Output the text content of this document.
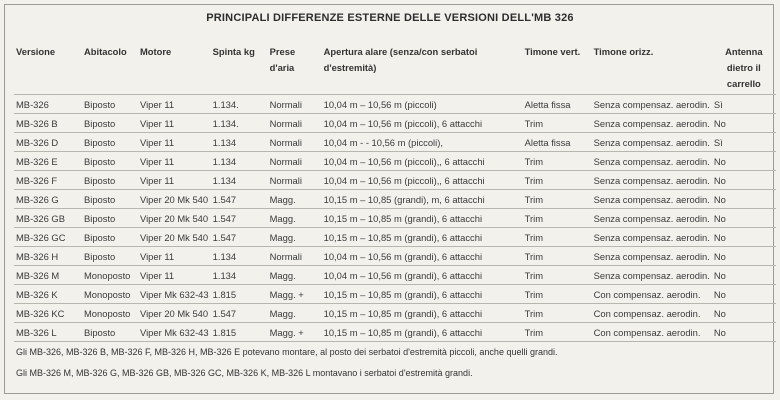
PRINCIPALI DIFFERENZE ESTERNE DELLE VERSIONI DELL'MB 326
Versione	Abitacolo	Motore	Spinta kg	Prese d'aria	Apertura alare (senza/con serbatoi d'estremità)	Timone vert.	Timone orizz.	Antenna dietro il carrello
MB-326	Biposto	Viper 11	1.134.	Normali	10,04 m – 10,56 m (piccoli)	Aletta fissa	Senza compensaz. aerodin.	Sì
MB-326 B	Biposto	Viper 11	1.134.	Normali	10,04 m – 10,56 m (piccoli), 6 attacchi	Trim	Senza compensaz. aerodin.	No
MB-326 D	Biposto	Viper 11	1.134	Normali	10,04 m - - 10,56 m (piccoli),	Aletta fissa	Senza compensaz. aerodin.	Sì
MB-326 E	Biposto	Viper 11	1.134	Normali	10,04 m – 10,56 m (piccoli),, 6 attacchi	Trim	Senza compensaz. aerodin.	No
MB-326 F	Biposto	Viper 11	1.134	Normali	10,04 m – 10,56 m (piccoli),, 6 attacchi	Trim	Senza compensaz. aerodin.	No
MB-326 G	Biposto	Viper 20 Mk 540	1.547	Magg.	10,15 m – 10,85 (grandi), m, 6 attacchi	Trim	Senza compensaz. aerodin.	No
MB-326 GB	Biposto	Viper 20 Mk 540	1.547	Magg.	10,15 m – 10,85 m (grandi), 6 attacchi	Trim	Senza compensaz. aerodin.	No
MB-326 GC	Biposto	Viper 20 Mk 540	1.547	Magg.	10,15 m – 10,85 m (grandi), 6 attacchi	Trim	Senza compensaz. aerodin.	No
MB-326 H	Biposto	Viper 11	1.134	Normali	10,04 m – 10,56 m (grandi), 6 attacchi	Trim	Senza compensaz. aerodin.	No
MB-326 M	Monoposto	Viper 11	1.134	Magg.	10,04 m – 10,56 m (grandi), 6 attacchi	Trim	Senza compensaz. aerodin.	No
MB-326 K	Monoposto	Viper Mk 632-43	1.815	Magg. +	10,15 m – 10,85 m (grandi), 6 attacchi	Trim	Con compensaz. aerodin.	No
MB-326 KC	Monoposto	Viper 20 Mk 540	1.547	Magg.	10,15 m – 10,85 m (grandi), 6 attacchi	Trim	Con compensaz. aerodin.	No
MB-326 L	Biposto	Viper Mk 632-43	1.815	Magg. +	10,15 m – 10,85 m (grandi), 6 attacchi	Trim	Con compensaz. aerodin.	No
Gli MB-326, MB-326 B, MB-326 F, MB-326 H, MB-326 E potevano montare, al posto dei serbatoi d'estremità piccoli, anche quelli grandi.
Gli MB-326 M, MB-326 G, MB-326 GB, MB-326 GC, MB-326 K, MB-326 L montavano i serbatoi d'estremità grandi.
